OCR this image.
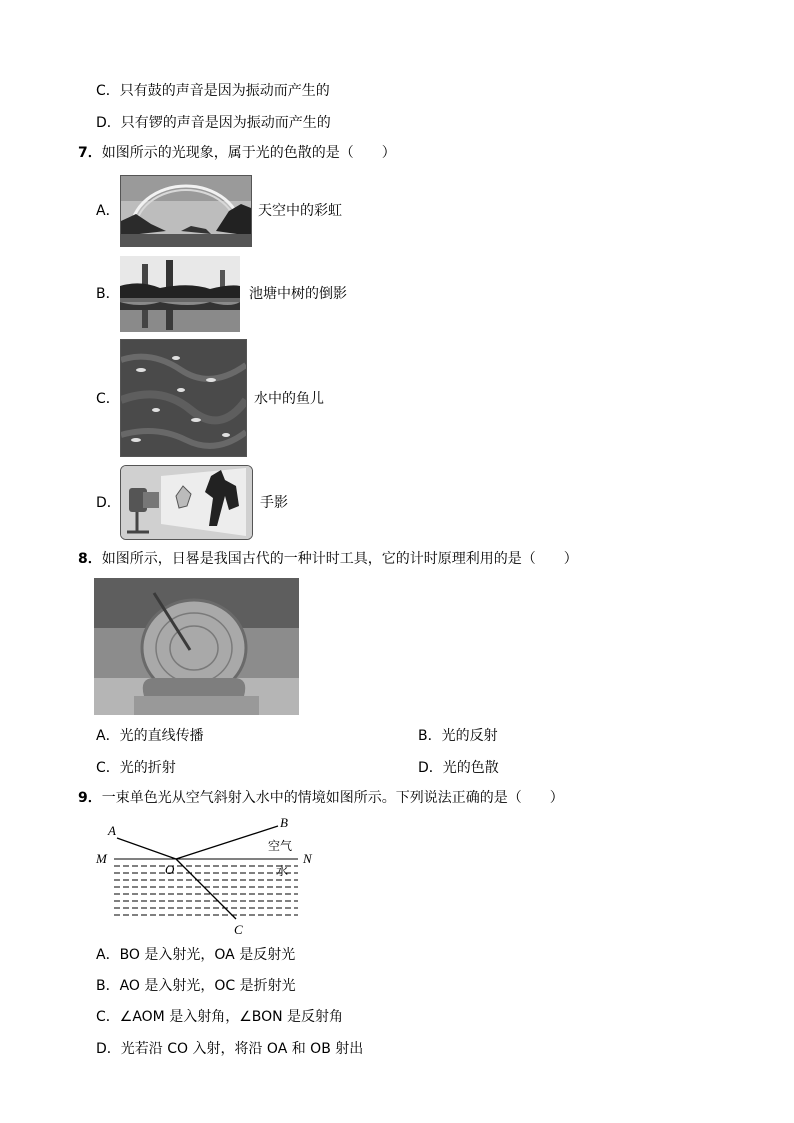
C．只有鼓的声音是因为振动而产生的
D．只有锣的声音是因为振动而产生的
7．如图所示的光现象，属于光的色散的是（　　）
A．	天空中的彩虹
B．	池塘中树的倒影
C．	水中的鱼儿
D．	手影
8．如图所示，日晷是我国古代的一种计时工具，它的计时原理利用的是（　　）
A．光的直线传播	B．光的反射
C．光的折射	D．光的色散
9．一束单色光从空气斜射入水中的情境如图所示。下列说法正确的是（　　）
A
B
M	N
O
C
空气
水
A．BO 是入射光，OA 是反射光
B．AO 是入射光，OC 是折射光
C．∠AOM 是入射角，∠BON 是反射角
D．光若沿 CO 入射，将沿 OA 和 OB 射出
